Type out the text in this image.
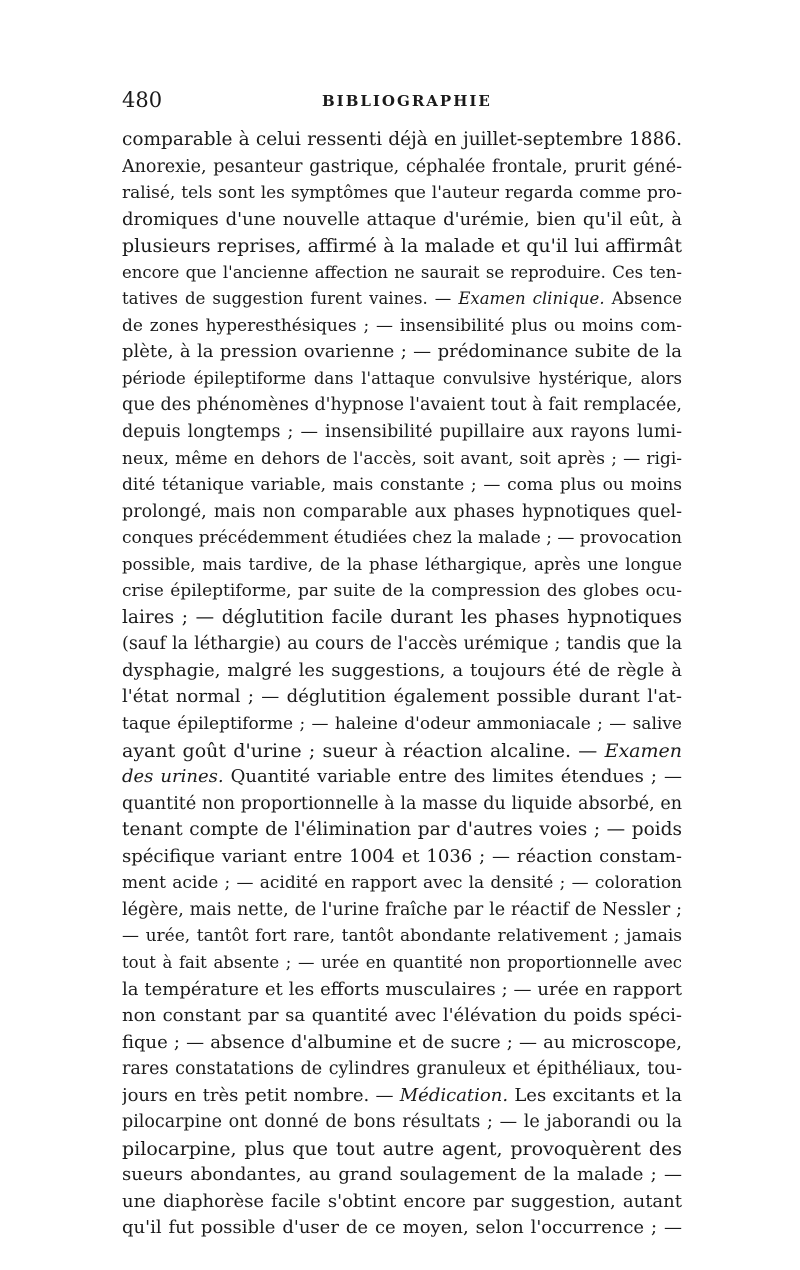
480	BIBLIOGRAPHIE
comparable à celui ressenti déjà en juillet-septembre 1886.
Anorexie, pesanteur gastrique, céphalée frontale, prurit géné-
ralisé, tels sont les symptômes que l'auteur regarda comme pro-
dromiques d'une nouvelle attaque d'urémie, bien qu'il eût, à
plusieurs reprises, affirmé à la malade et qu'il lui affirmât
encore que l'ancienne affection ne saurait se reproduire. Ces ten-
tatives de suggestion furent vaines. — Examen clinique. Absence
de zones hyperesthésiques ; — insensibilité plus ou moins com-
plète, à la pression ovarienne ; — prédominance subite de la
période épileptiforme dans l'attaque convulsive hystérique, alors
que des phénomènes d'hypnose l'avaient tout à fait remplacée,
depuis longtemps ; — insensibilité pupillaire aux rayons lumi-
neux, même en dehors de l'accès, soit avant, soit après ; — rigi-
dité tétanique variable, mais constante ; — coma plus ou moins
prolongé, mais non comparable aux phases hypnotiques quel-
conques précédemment étudiées chez la malade ; — provocation
possible, mais tardive, de la phase léthargique, après une longue
crise épileptiforme, par suite de la compression des globes ocu-
laires ; — déglutition facile durant les phases hypnotiques
(sauf la léthargie) au cours de l'accès urémique ; tandis que la
dysphagie, malgré les suggestions, a toujours été de règle à
l'état normal ; — déglutition également possible durant l'at-
taque épileptiforme ; — haleine d'odeur ammoniacale ; — salive
ayant goût d'urine ; sueur à réaction alcaline. — Examen
des urines. Quantité variable entre des limites étendues ; —
quantité non proportionnelle à la masse du liquide absorbé, en
tenant compte de l'élimination par d'autres voies ; — poids
spécifique variant entre 1004 et 1036 ; — réaction constam-
ment acide ; — acidité en rapport avec la densité ; — coloration
légère, mais nette, de l'urine fraîche par le réactif de Nessler ;
— urée, tantôt fort rare, tantôt abondante relativement ; jamais
tout à fait absente ; — urée en quantité non proportionnelle avec
la température et les efforts musculaires ; — urée en rapport
non constant par sa quantité avec l'élévation du poids spéci-
fique ; — absence d'albumine et de sucre ; — au microscope,
rares constatations de cylindres granuleux et épithéliaux, tou-
jours en très petit nombre. — Médication. Les excitants et la
pilocarpine ont donné de bons résultats ; — le jaborandi ou la
pilocarpine, plus que tout autre agent, provoquèrent des
sueurs abondantes, au grand soulagement de la malade ; —
une diaphorèse facile s'obtint encore par suggestion, autant
qu'il fut possible d'user de ce moyen, selon l'occurrence ; —
